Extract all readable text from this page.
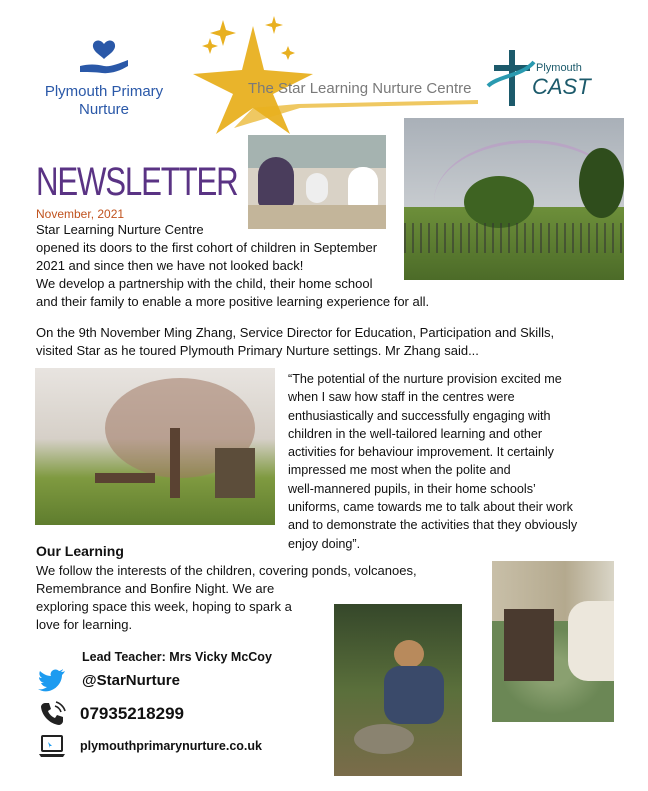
Plymouth Primary
Nurture
The Star Learning Nurture Centre
Plymouth
CAST
NEWSLETTER
November, 2021
Star Learning Nurture Centre
opened its doors to the first cohort of children in September
2021 and since then we have not looked back!
We develop a partnership with the child, their home school
and their family to enable a more positive learning experience for all.
On the 9th November Ming Zhang, Service Director for Education, Participation and Skills,
visited Star as he toured Plymouth Primary Nurture settings. Mr Zhang said...
“The potential of the nurture provision excited me
when I saw how staff in the centres were
enthusiastically and successfully engaging with
children in the well-tailored learning and other
activities for behaviour improvement. It certainly
impressed me most when the polite and
well-mannered pupils, in their home schools’
uniforms, came towards me to talk about their work
and to demonstrate the activities that they obviously
enjoy doing”.
Our Learning
We follow the interests of the children, covering ponds, volcanoes,
Remembrance and Bonfire Night. We are
exploring space this week, hoping to spark a
love for learning.
Lead Teacher: Mrs Vicky McCoy
@StarNurture
07935218299
plymouthprimarynurture.co.uk
